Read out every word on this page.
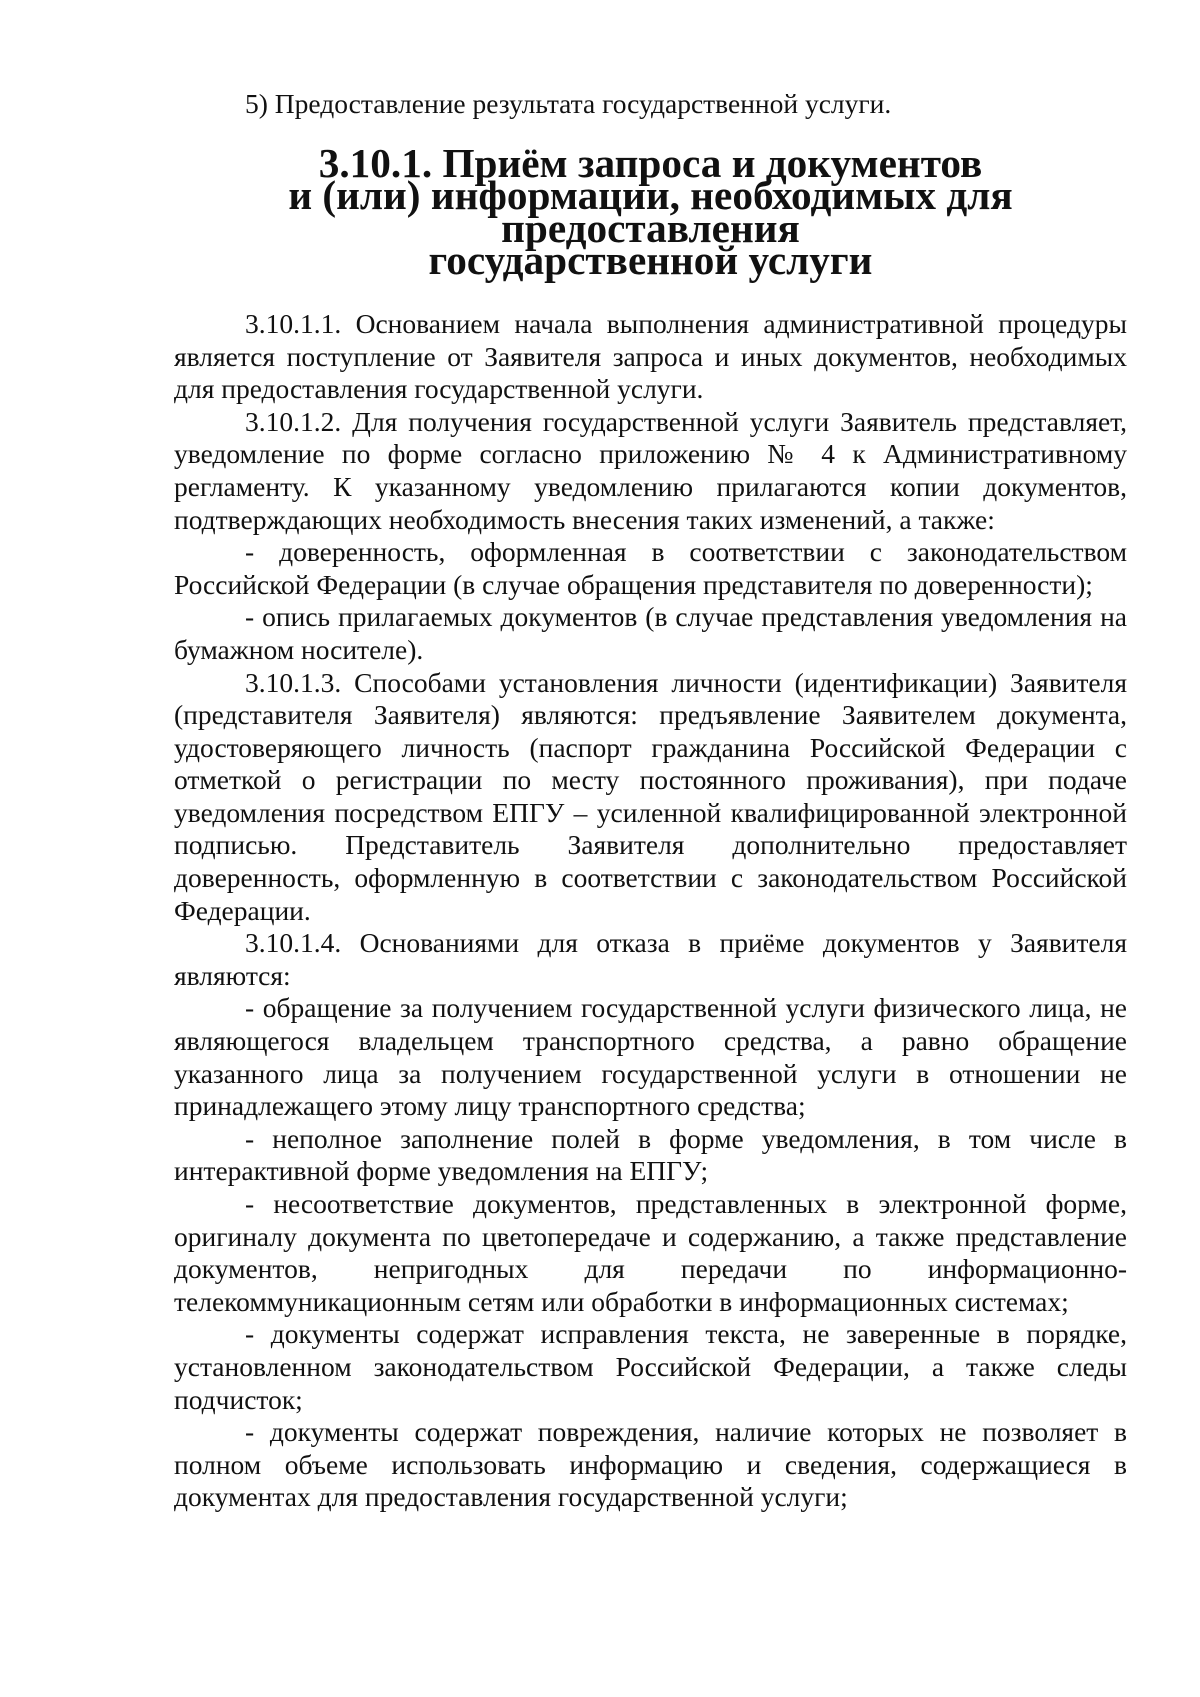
5) Предоставление результата государственной услуги.

3.10.1. Приём запроса и документов
и (или) информации, необходимых для предоставления
государственной услуги

3.10.1.1. Основанием начала выполнения административной процедуры является поступление от Заявителя запроса и иных документов, необходимых для предоставления государственной услуги.

3.10.1.2. Для получения государственной услуги Заявитель представляет, уведомление по форме согласно приложению № 4 к Административному регламенту. К указанному уведомлению прилагаются копии документов, подтверждающих необходимость внесения таких изменений, а также:

- доверенность, оформленная в соответствии с законодательством Российской Федерации (в случае обращения представителя по доверенности);

- опись прилагаемых документов (в случае представления уведомления на бумажном носителе).

3.10.1.3. Способами установления личности (идентификации) Заявителя (представителя Заявителя) являются: предъявление Заявителем документа, удостоверяющего личность (паспорт гражданина Российской Федерации с отметкой о регистрации по месту постоянного проживания), при подаче уведомления посредством ЕПГУ – усиленной квалифицированной электронной подписью. Представитель Заявителя дополнительно предоставляет доверенность, оформленную в соответствии с законодательством Российской Федерации.

3.10.1.4. Основаниями для отказа в приёме документов у Заявителя являются:

- обращение за получением государственной услуги физического лица, не являющегося владельцем транспортного средства, а равно обращение указанного лица за получением государственной услуги в отношении не принадлежащего этому лицу транспортного средства;

- неполное заполнение полей в форме уведомления, в том числе в интерактивной форме уведомления на ЕПГУ;

- несоответствие документов, представленных в электронной форме, оригиналу документа по цветопередаче и содержанию, а также представление документов, непригодных для передачи по информационно-телекоммуникационным сетям или обработки в информационных системах;

- документы содержат исправления текста, не заверенные в порядке, установленном законодательством Российской Федерации, а также следы подчисток;

- документы содержат повреждения, наличие которых не позволяет в полном объеме использовать информацию и сведения, содержащиеся в документах для предоставления государственной услуги;
